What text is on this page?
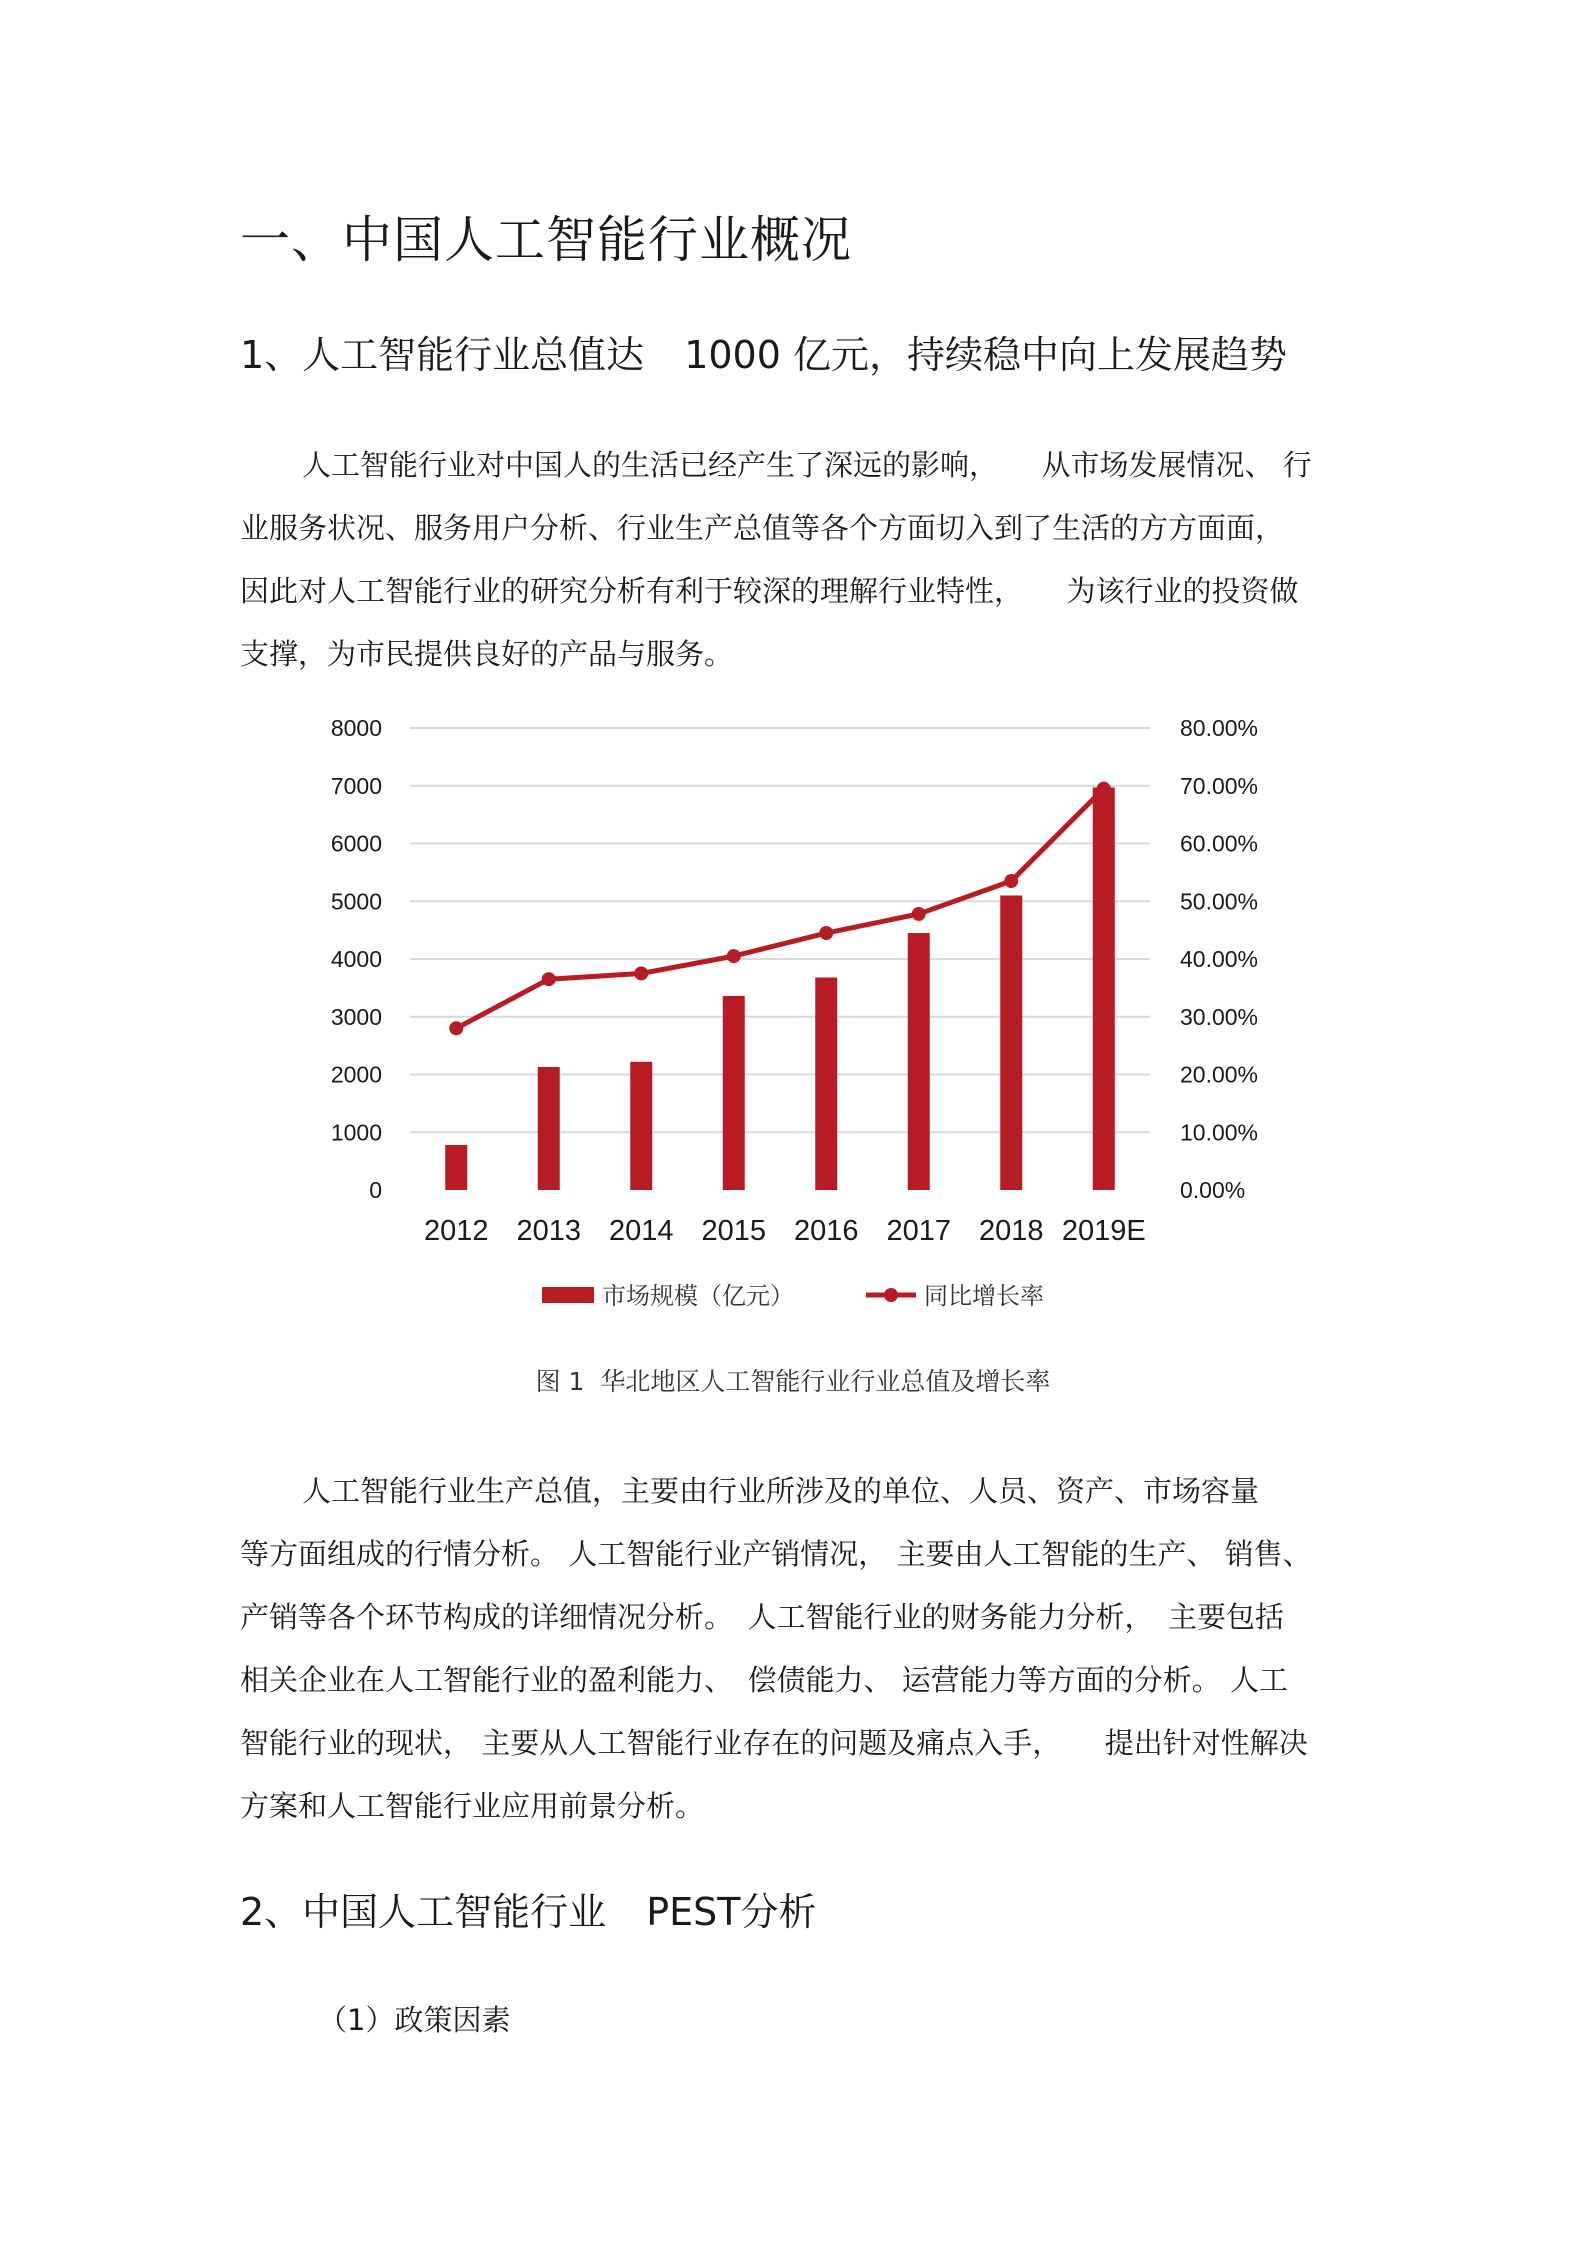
一、中国人工智能行业概况
1、人工智能行业总值达 1000 亿元，持续稳中向上发展趋势
人工智能行业对中国人的生活已经产生了深远的影响，　　从市场发展情况、 行
业服务状况、服务用户分析、行业生产总值等各个方面切入到了生活的方方面面，
因此对人工智能行业的研究分析有利于较深的理解行业特性，　　为该行业的投资做
支撑，为市民提供良好的产品与服务。
0	0.00%
1000	10.00%
2000	20.00%
3000	30.00%
4000	40.00%
5000	50.00%
6000	60.00%
7000	70.00%
8000	80.00%
2012 2013 2014 2015 2016 2017 2018 2019E
市场规模（亿元）	同比增长率
图 1 华北地区人工智能行业行业总值及增长率
人工智能行业生产总值，主要由行业所涉及的单位、人员、资产、市场容量
等方面组成的行情分析。 人工智能行业产销情况， 主要由人工智能的生产、 销售、
产销等各个环节构成的详细情况分析。　人工智能行业的财务能力分析，　主要包括
相关企业在人工智能行业的盈利能力、　偿债能力、 运营能力等方面的分析。 人工
智能行业的现状， 主要从人工智能行业存在的问题及痛点入手，　　提出针对性解决
方案和人工智能行业应用前景分析。
2、中国人工智能行业 PEST分析
（1）政策因素
